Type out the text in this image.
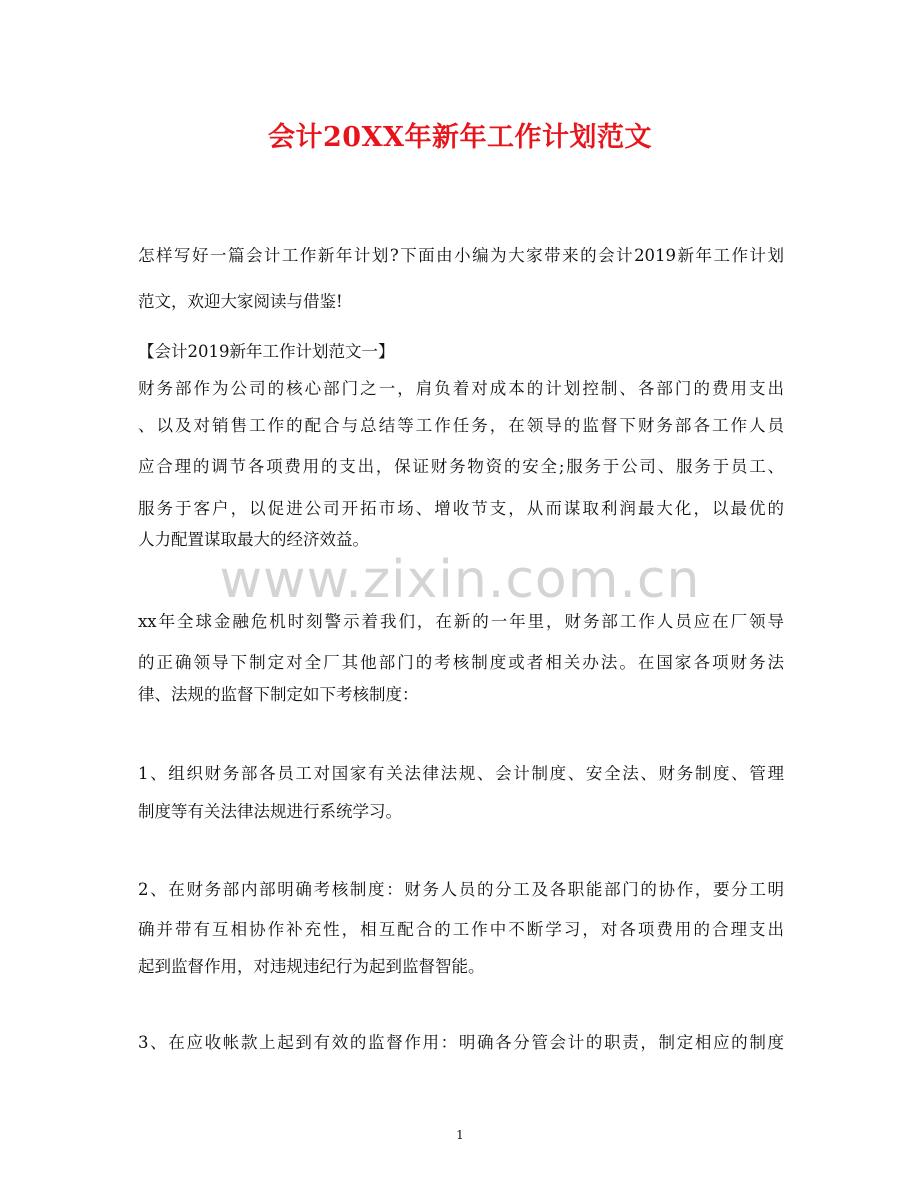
会计20XX年新年工作计划范文
www.zixin.com.cn
怎样写好一篇会计工作新年计划?下面由小编为大家带来的会计2019新年工作计划
范文，欢迎大家阅读与借鉴!
【会计2019新年工作计划范文一】
财务部作为公司的核心部门之一，肩负着对成本的计划控制、各部门的费用支出
、以及对销售工作的配合与总结等工作任务，在领导的监督下财务部各工作人员
应合理的调节各项费用的支出，保证财务物资的安全;服务于公司、服务于员工、
服务于客户，以促进公司开拓市场、增收节支，从而谋取利润最大化，以最优的
人力配置谋取最大的经济效益。
xx年全球金融危机时刻警示着我们，在新的一年里，财务部工作人员应在厂领导
的正确领导下制定对全厂其他部门的考核制度或者相关办法。在国家各项财务法
律、法规的监督下制定如下考核制度：
1、组织财务部各员工对国家有关法律法规、会计制度、安全法、财务制度、管理
制度等有关法律法规进行系统学习。
2、在财务部内部明确考核制度：财务人员的分工及各职能部门的协作，要分工明
确并带有互相协作补充性，相互配合的工作中不断学习，对各项费用的合理支出
起到监督作用，对违规违纪行为起到监督智能。
3、在应收帐款上起到有效的监督作用：明确各分管会计的职责，制定相应的制度
1
